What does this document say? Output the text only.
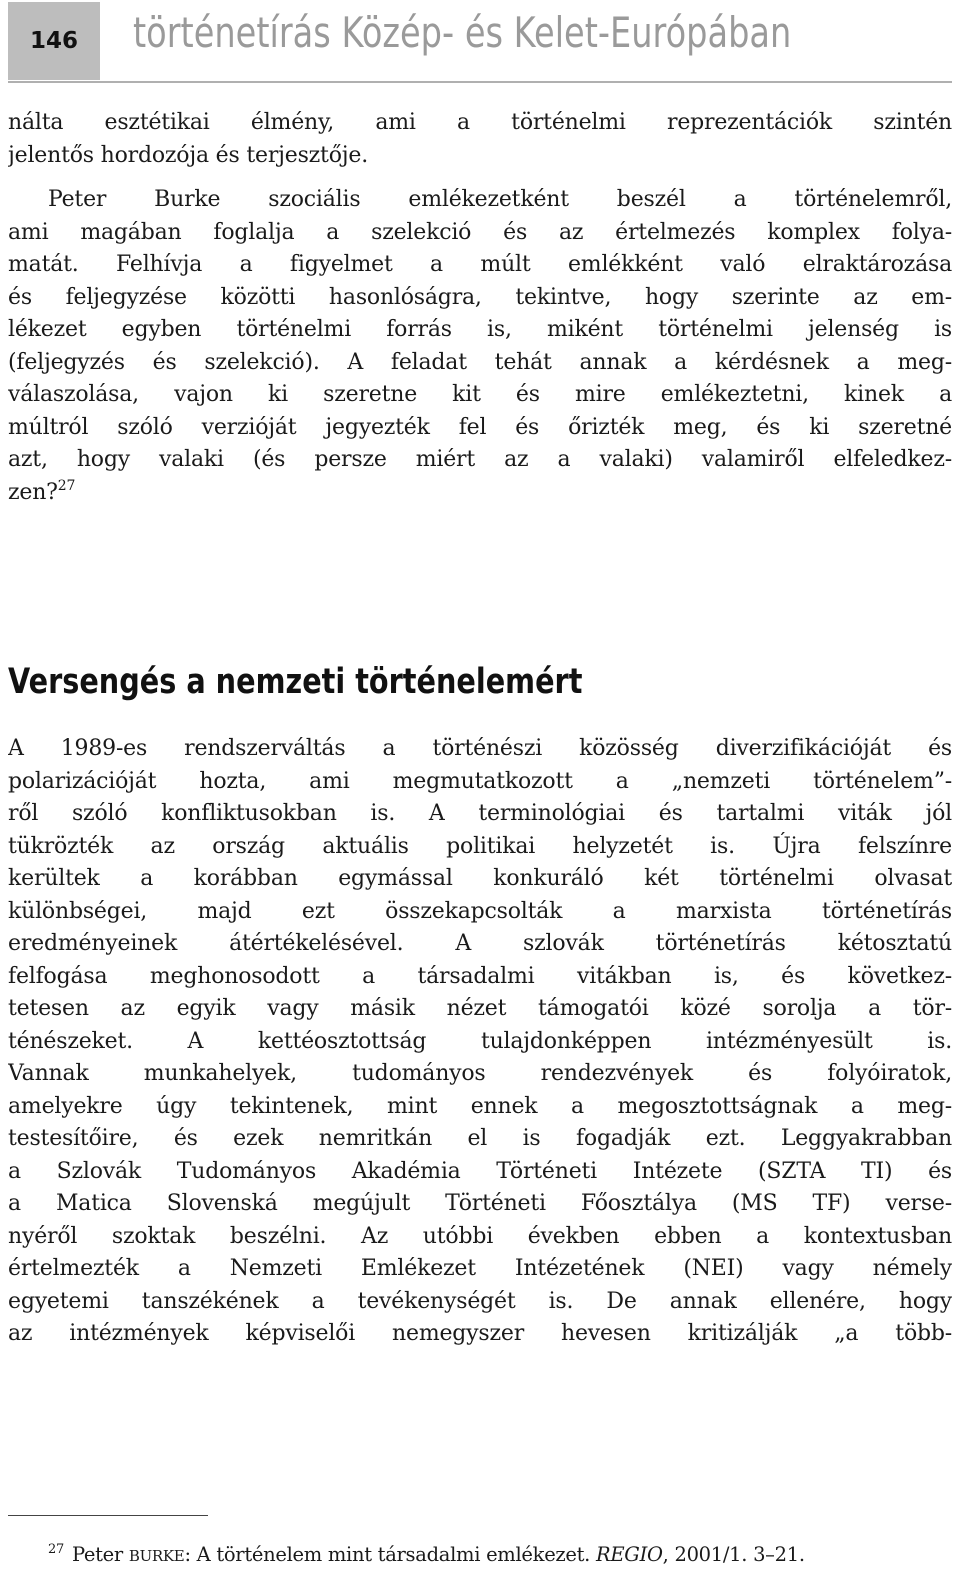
146	történetírás Közép- és Kelet-Európában
nálta esztétikai élmény, ami a történelmi reprezentációk szintén
jelentős hordozója és terjesztője.
Peter Burke szociális emlékezetként beszél a történelemről,
ami magában foglalja a szelekció és az értelmezés komplex folya-
matát. Felhívja a figyelmet a múlt emlékként való elraktározása
és feljegyzése közötti hasonlóságra, tekintve, hogy szerinte az em-
lékezet egyben történelmi forrás is, miként történelmi jelenség is
(feljegyzés és szelekció). A feladat tehát annak a kérdésnek a meg-
válaszolása, vajon ki szeretne kit és mire emlékeztetni, kinek a
múltról szóló verzióját jegyezték fel és őrizték meg, és ki szeretné
azt, hogy valaki (és persze miért az a valaki) valamiről elfeledkez-
zen?$^{27}$
Versengés a nemzeti történelemért
A 1989-es rendszerváltás a történészi közösség diverzifikációját és
polarizációját hozta, ami megmutatkozott a „nemzeti történelem”-
ről szóló konfliktusokban is. A terminológiai és tartalmi viták jól
tükrözték az ország aktuális politikai helyzetét is. Újra felszínre
kerültek a korábban egymással konkuráló két történelmi olvasat
különbségei, majd ezt összekapcsolták a marxista történetírás
eredményeinek átértékelésével. A szlovák történetírás kétosztatú
felfogása meghonosodott a társadalmi vitákban is, és következ-
tetesen az egyik vagy másik nézet támogatói közé sorolja a tör-
ténészeket. A kettéosztottság tulajdonképpen intézményesült is.
Vannak munkahelyek, tudományos rendezvények és folyóiratok,
amelyekre úgy tekintenek, mint ennek a megosztottságnak a meg-
testesítőire, és ezek nemritkán el is fogadják ezt. Leggyakrabban
a Szlovák Tudományos Akadémia Történeti Intézete (SZTA TI) és
a Matica Slovenská megújult Történeti Főosztálya (MS TF) verse-
nyéről szoktak beszélni. Az utóbbi években ebben a kontextusban
értelmezték a Nemzeti Emlékezet Intézetének (NEI) vagy némely
egyetemi tanszékének a tevékenységét is. De annak ellenére, hogy
az intézmények képviselői nemegyszer hevesen kritizálják „a több-
$^{27}$ Peter BURKE: A történelem mint társadalmi emlékezet. REGIO, 2001/1. 3–21.
